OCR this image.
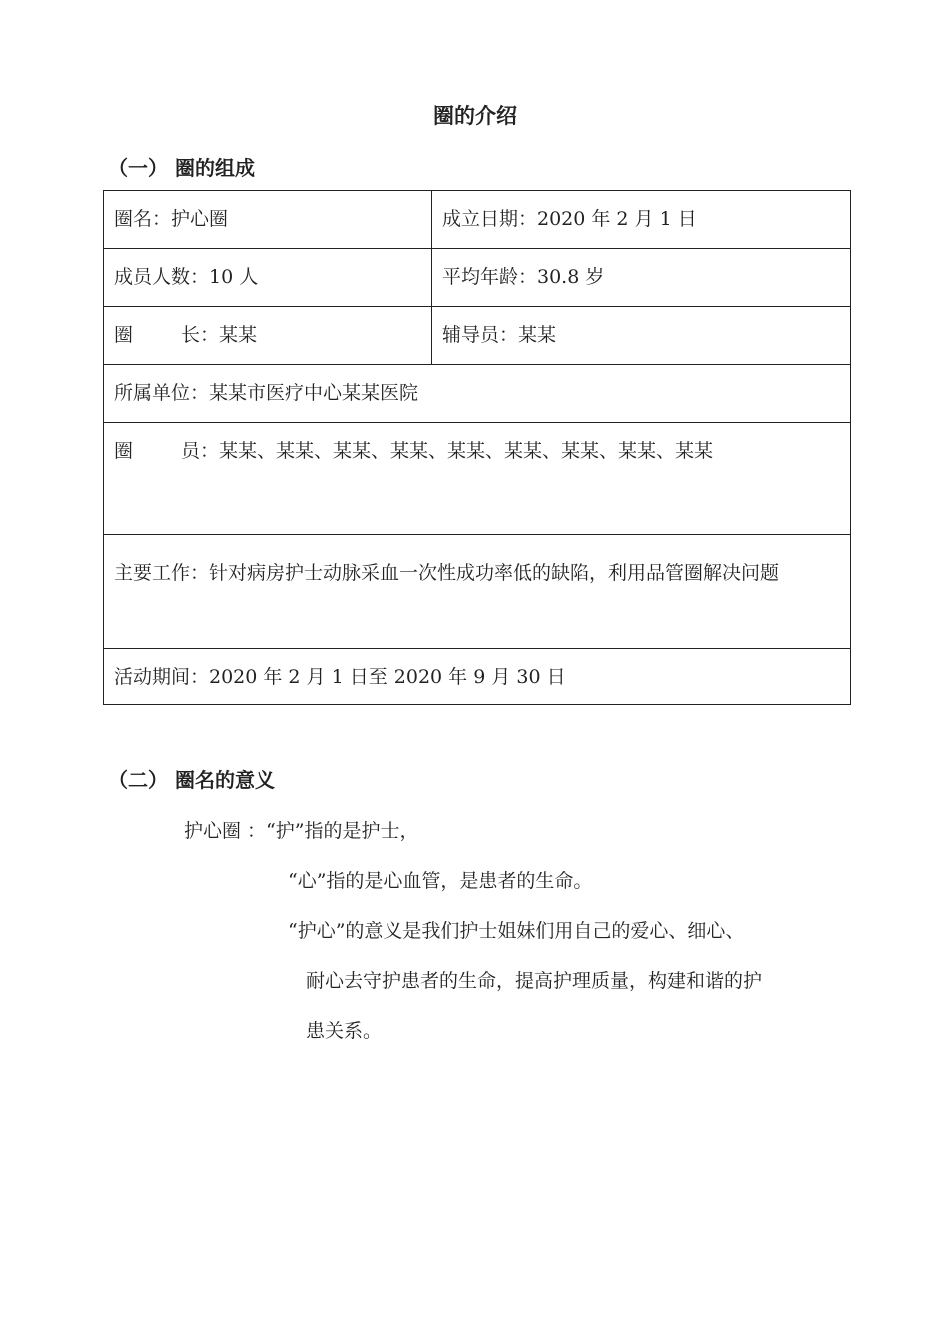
圈的介绍
（一） 圈的组成
圈名：护心圈	成立日期：2020 年 2 月 1 日
成员人数：10 人	平均年龄：30.8 岁
圈 长：某某	辅导员：某某
所属单位：某某市医疗中心某某医院	
圈 员：某某、某某、某某、某某、某某、某某、某某、某某、某某	

主要工作： 针对病房护士动脉采血一次性成功率低的缺陷，利用品管圈解决问题	

活动期间：2020 年 2 月 1 日至 2020 年 9 月 30 日	
（二） 圈名的意义
护心圈 ：“护”指的是护士，
“心”指的是心血管，是患者的生命。
“护心”的意义是我们护士姐妹们用自己的爱心、细心、
耐心去守护患者的生命，提高护理质量，构建和谐的护
患关系。
